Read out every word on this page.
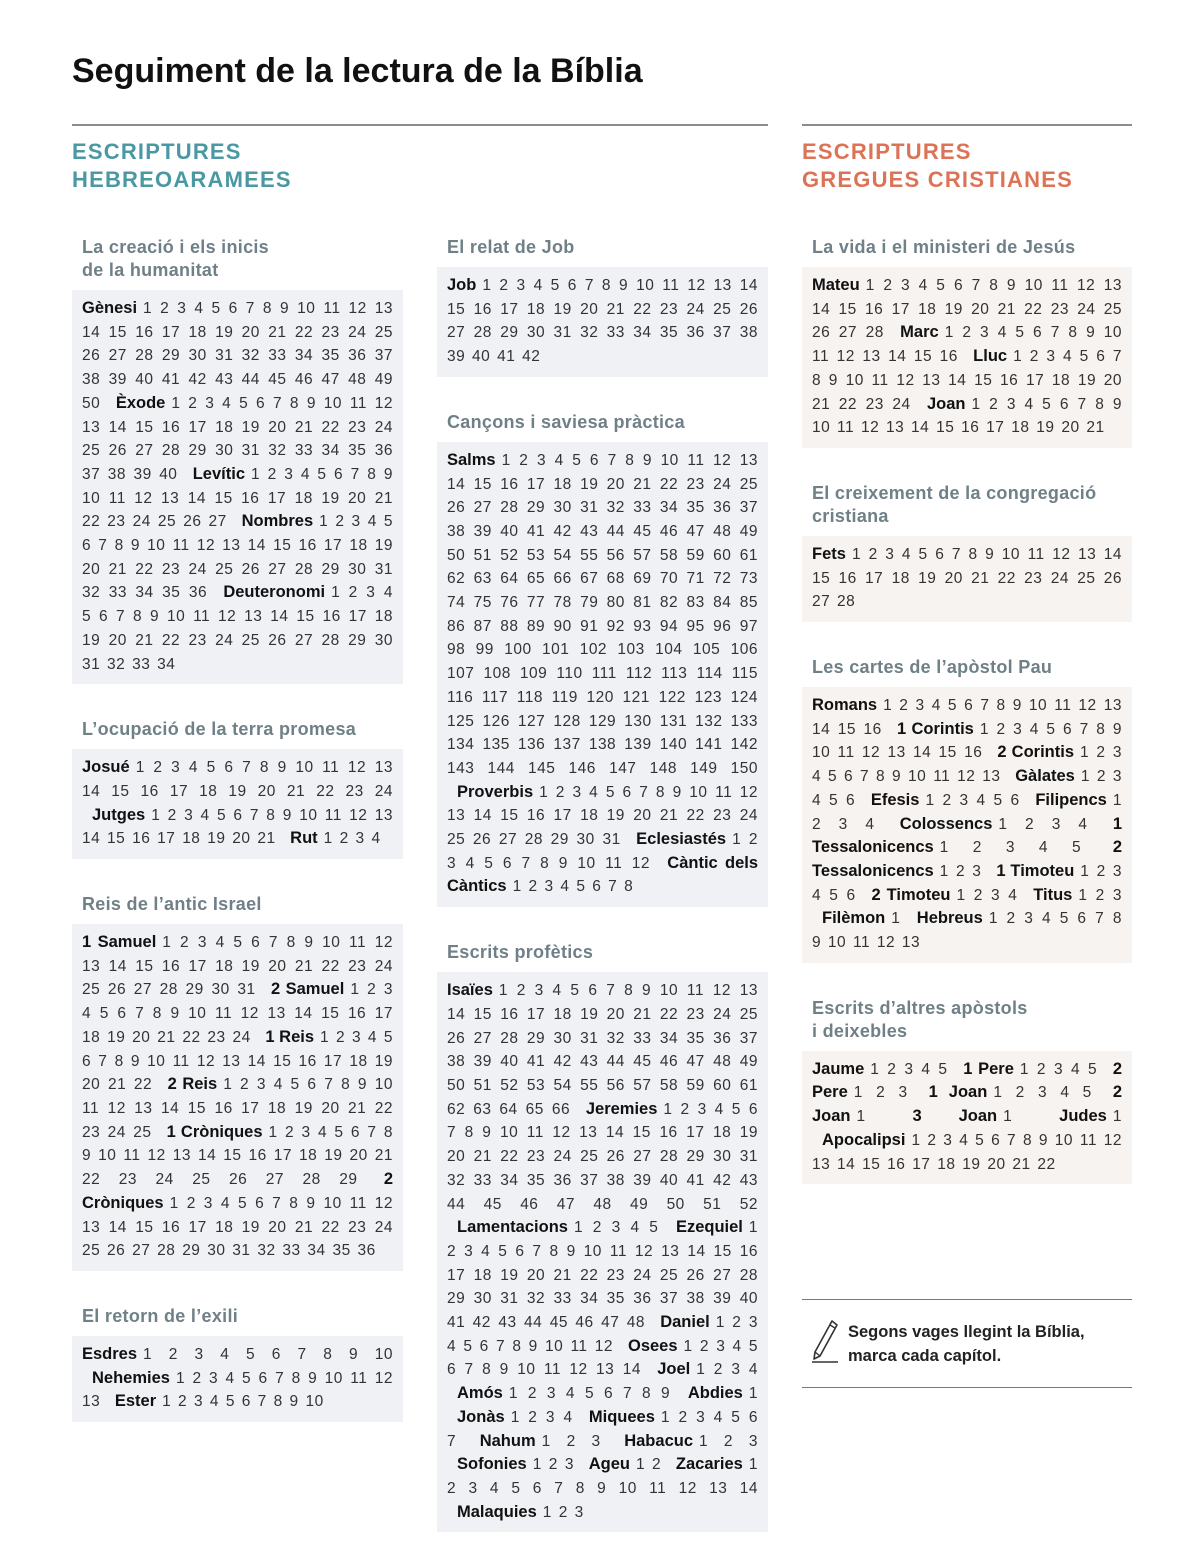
Seguiment de la lectura de la Bíblia
ESCRIPTURES
HEBREOARAMEES
ESCRIPTURES
GREGUES CRISTIANES
La creació i els inicis
de la humanitat
Gènesi 1 2 3 4 5 6 7 8 9 10 11 12 13 14 15 16 17 18 19 20 21 22 23 24 25 26 27 28 29 30 31 32 33 34 35 36 37 38 39 40 41 42 43 44 45 46 47 48 49 50 Èxode 1 2 3 4 5 6 7 8 9 10 11 12 13 14 15 16 17 18 19 20 21 22 23 24 25 26 27 28 29 30 31 32 33 34 35 36 37 38 39 40 Levític 1 2 3 4 5 6 7 8 9 10 11 12 13 14 15 16 17 18 19 20 21 22 23 24 25 26 27 Nombres 1 2 3 4 5 6 7 8 9 10 11 12 13 14 15 16 17 18 19 20 21 22 23 24 25 26 27 28 29 30 31 32 33 34 35 36 Deuteronomi 1 2 3 4 5 6 7 8 9 10 11 12 13 14 15 16 17 18 19 20 21 22 23 24 25 26 27 28 29 30 31 32 33 34
L’ocupació de la terra promesa
Josué 1 2 3 4 5 6 7 8 9 10 11 12 13 14 15 16 17 18 19 20 21 22 23 24 Jutges 1 2 3 4 5 6 7 8 9 10 11 12 13 14 15 16 17 18 19 20 21 Rut 1 2 3 4
Reis de l’antic Israel
1 Samuel 1 2 3 4 5 6 7 8 9 10 11 12 13 14 15 16 17 18 19 20 21 22 23 24 25 26 27 28 29 30 31 2 Samuel 1 2 3 4 5 6 7 8 9 10 11 12 13 14 15 16 17 18 19 20 21 22 23 24 1 Reis 1 2 3 4 5 6 7 8 9 10 11 12 13 14 15 16 17 18 19 20 21 22 2 Reis 1 2 3 4 5 6 7 8 9 10 11 12 13 14 15 16 17 18 19 20 21 22 23 24 25 1 Cròniques 1 2 3 4 5 6 7 8 9 10 11 12 13 14 15 16 17 18 19 20 21 22 23 24 25 26 27 28 29 2 Cròniques 1 2 3 4 5 6 7 8 9 10 11 12 13 14 15 16 17 18 19 20 21 22 23 24 25 26 27 28 29 30 31 32 33 34 35 36
El retorn de l’exili
Esdres 1 2 3 4 5 6 7 8 9 10 Nehemies 1 2 3 4 5 6 7 8 9 10 11 12 13 Ester 1 2 3 4 5 6 7 8 9 10
El relat de Job
Job 1 2 3 4 5 6 7 8 9 10 11 12 13 14 15 16 17 18 19 20 21 22 23 24 25 26 27 28 29 30 31 32 33 34 35 36 37 38 39 40 41 42
Cançons i saviesa pràctica
Salms 1 2 3 4 5 6 7 8 9 10 11 12 13 14 15 16 17 18 19 20 21 22 23 24 25 26 27 28 29 30 31 32 33 34 35 36 37 38 39 40 41 42 43 44 45 46 47 48 49 50 51 52 53 54 55 56 57 58 59 60 61 62 63 64 65 66 67 68 69 70 71 72 73 74 75 76 77 78 79 80 81 82 83 84 85 86 87 88 89 90 91 92 93 94 95 96 97 98 99 100 101 102 103 104 105 106 107 108 109 110 111 112 113 114 115 116 117 118 119 120 121 122 123 124 125 126 127 128 129 130 131 132 133 134 135 136 137 138 139 140 141 142 143 144 145 146 147 148 149 150 Proverbis 1 2 3 4 5 6 7 8 9 10 11 12 13 14 15 16 17 18 19 20 21 22 23 24 25 26 27 28 29 30 31 Eclesiastés 1 2 3 4 5 6 7 8 9 10 11 12 Càntic dels Càntics 1 2 3 4 5 6 7 8
Escrits profètics
Isaïes 1 2 3 4 5 6 7 8 9 10 11 12 13 14 15 16 17 18 19 20 21 22 23 24 25 26 27 28 29 30 31 32 33 34 35 36 37 38 39 40 41 42 43 44 45 46 47 48 49 50 51 52 53 54 55 56 57 58 59 60 61 62 63 64 65 66 Jeremies 1 2 3 4 5 6 7 8 9 10 11 12 13 14 15 16 17 18 19 20 21 22 23 24 25 26 27 28 29 30 31 32 33 34 35 36 37 38 39 40 41 42 43 44 45 46 47 48 49 50 51 52 Lamentacions 1 2 3 4 5 Ezequiel 1 2 3 4 5 6 7 8 9 10 11 12 13 14 15 16 17 18 19 20 21 22 23 24 25 26 27 28 29 30 31 32 33 34 35 36 37 38 39 40 41 42 43 44 45 46 47 48 Daniel 1 2 3 4 5 6 7 8 9 10 11 12 Osees 1 2 3 4 5 6 7 8 9 10 11 12 13 14 Joel 1 2 3 4 Amós 1 2 3 4 5 6 7 8 9 Abdies 1 Jonàs 1 2 3 4 Miquees 1 2 3 4 5 6 7 Nahum 1 2 3 Habacuc 1 2 3 Sofonies 1 2 3 Ageu 1 2 Zacaries 1 2 3 4 5 6 7 8 9 10 11 12 13 14 Malaquies 1 2 3
La vida i el ministeri de Jesús
Mateu 1 2 3 4 5 6 7 8 9 10 11 12 13 14 15 16 17 18 19 20 21 22 23 24 25 26 27 28 Marc 1 2 3 4 5 6 7 8 9 10 11 12 13 14 15 16 Lluc 1 2 3 4 5 6 7 8 9 10 11 12 13 14 15 16 17 18 19 20 21 22 23 24 Joan 1 2 3 4 5 6 7 8 9 10 11 12 13 14 15 16 17 18 19 20 21
El creixement de la congregació
cristiana
Fets 1 2 3 4 5 6 7 8 9 10 11 12 13 14 15 16 17 18 19 20 21 22 23 24 25 26 27 28
Les cartes de l’apòstol Pau
Romans 1 2 3 4 5 6 7 8 9 10 11 12 13 14 15 16 1 Corintis 1 2 3 4 5 6 7 8 9 10 11 12 13 14 15 16 2 Corintis 1 2 3 4 5 6 7 8 9 10 11 12 13 Gàlates 1 2 3 4 5 6 Efesis 1 2 3 4 5 6 Filipencs 1 2 3 4 Colossencs 1 2 3 4 1 Tessalonicencs 1 2 3 4 5 2 Tessalonicencs 1 2 3 1 Timoteu 1 2 3 4 5 6 2 Timoteu 1 2 3 4 Titus 1 2 3 Filèmon 1 Hebreus 1 2 3 4 5 6 7 8 9 10 11 12 13
Escrits d’altres apòstols
i deixebles
Jaume 1 2 3 4 5 1 Pere 1 2 3 4 5 2 Pere 1 2 3 1 Joan 1 2 3 4 5 2 Joan 1	3 Joan 1	Judes 1 Apocalipsi 1 2 3 4 5 6 7 8 9 10 11 12 13 14 15 16 17 18 19 20 21 22

Segons vages llegint la Bíblia,
marca cada capítol.
